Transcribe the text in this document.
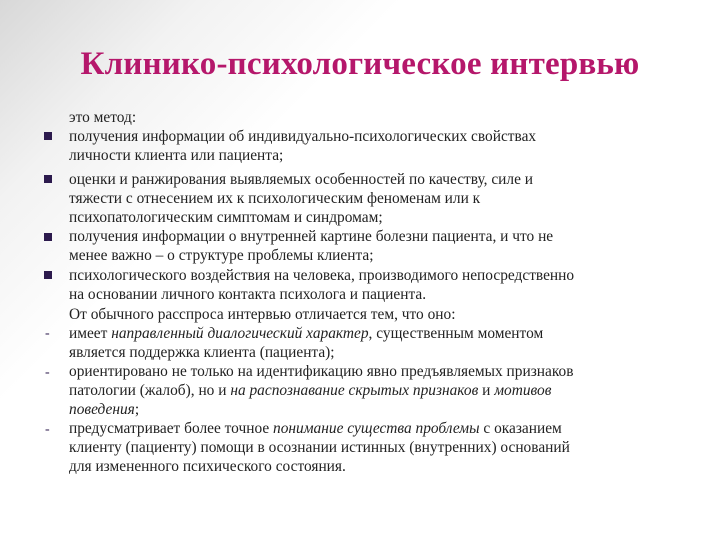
Клинико-психологическое интервью
это метод:
получения информации об индивидуально-психологических свойствах
личности клиента или пациента;
оценки и ранжирования выявляемых особенностей по качеству, силе и
тяжести с отнесением их к психологическим феноменам или к
психопатологическим симптомам и синдромам;
получения информации о внутренней картине болезни пациента, и что не
менее важно – о структуре проблемы клиента;
психологического воздействия на человека, производимого непосредственно
на основании личного контакта психолога и пациента.
От обычного расспроса интервью отличается тем, что оно:
- имеет направленный диалогический характер, существенным моментом
является поддержка клиента (пациента);
- ориентировано не только на идентификацию явно предъявляемых признаков
патологии (жалоб), но и на распознавание скрытых признаков и мотивов
поведения;
- предусматривает более точное понимание существа проблемы с оказанием
клиенту (пациенту) помощи в осознании истинных (внутренних) оснований
для измененного психического состояния.
